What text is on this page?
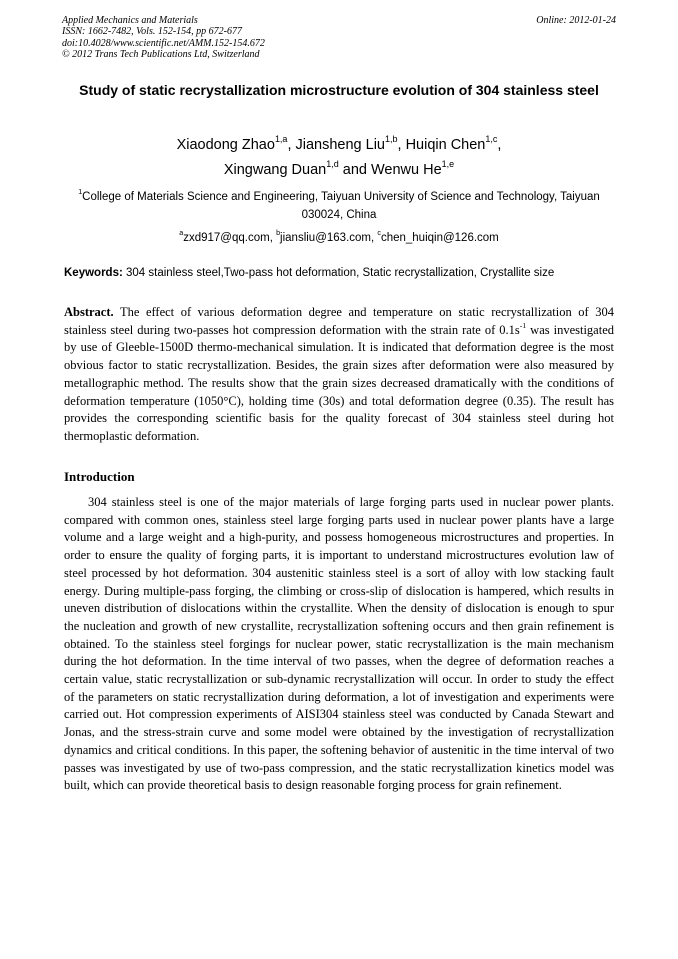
Applied Mechanics and Materials
ISSN: 1662-7482, Vols. 152-154, pp 672-677
doi:10.4028/www.scientific.net/AMM.152-154.672
© 2012 Trans Tech Publications Ltd, Switzerland
Online: 2012-01-24
Study of static recrystallization microstructure evolution of 304 stainless steel
Xiaodong Zhao$^{1,a}$, Jiansheng Liu$^{1,b}$, Huiqin Chen$^{1,c}$,
Xingwang Duan$^{1,d}$ and Wenwu He$^{1,e}$
$^1$College of Materials Science and Engineering, Taiyuan University of Science and Technology, Taiyuan 030024, China
$^a$zxd917@qq.com, $^b$jiansliu@163.com, $^c$chen_huiqin@126.com
Keywords: 304 stainless steel,Two-pass hot deformation, Static recrystallization, Crystallite size
Abstract. The effect of various deformation degree and temperature on static recrystallization of 304 stainless steel during two-passes hot compression deformation with the strain rate of $0.1s^{-1}$ was investigated by use of Gleeble-1500D thermo-mechanical simulation. It is indicated that deformation degree is the most obvious factor to static recrystallization. Besides, the grain sizes after deformation were also measured by metallographic method. The results show that the grain sizes decreased dramatically with the conditions of deformation temperature (1050°C), holding time (30s) and total deformation degree (0.35). The result has provides the corresponding scientific basis for the quality forecast of 304 stainless steel during hot thermoplastic deformation.
Introduction
304 stainless steel is one of the major materials of large forging parts used in nuclear power plants. compared with common ones, stainless steel large forging parts used in nuclear power plants have a large volume and a large weight and a high-purity, and possess homogeneous microstructures and properties. In order to ensure the quality of forging parts, it is important to understand microstructures evolution law of steel processed by hot deformation. 304 austenitic stainless steel is a sort of alloy with low stacking fault energy. During multiple-pass forging, the climbing or cross-slip of dislocation is hampered, which results in uneven distribution of dislocations within the crystallite. When the density of dislocation is enough to spur the nucleation and growth of new crystallite, recrystallization softening occurs and then grain refinement is obtained. To the stainless steel forgings for nuclear power, static recrystallization is the main mechanism during the hot deformation. In the time interval of two passes, when the degree of deformation reaches a certain value, static recrystallization or sub-dynamic recrystallization will occur. In order to study the effect of the parameters on static recrystallization during deformation, a lot of investigation and experiments were carried out. Hot compression experiments of AISI304 stainless steel was conducted by Canada Stewart and Jonas, and the stress-strain curve and some model were obtained by the investigation of recrystallization dynamics and critical conditions. In this paper, the softening behavior of austenitic in the time interval of two passes was investigated by use of two-pass compression, and the static recrystallization kinetics model was built, which can provide theoretical basis to design reasonable forging process for grain refinement.
